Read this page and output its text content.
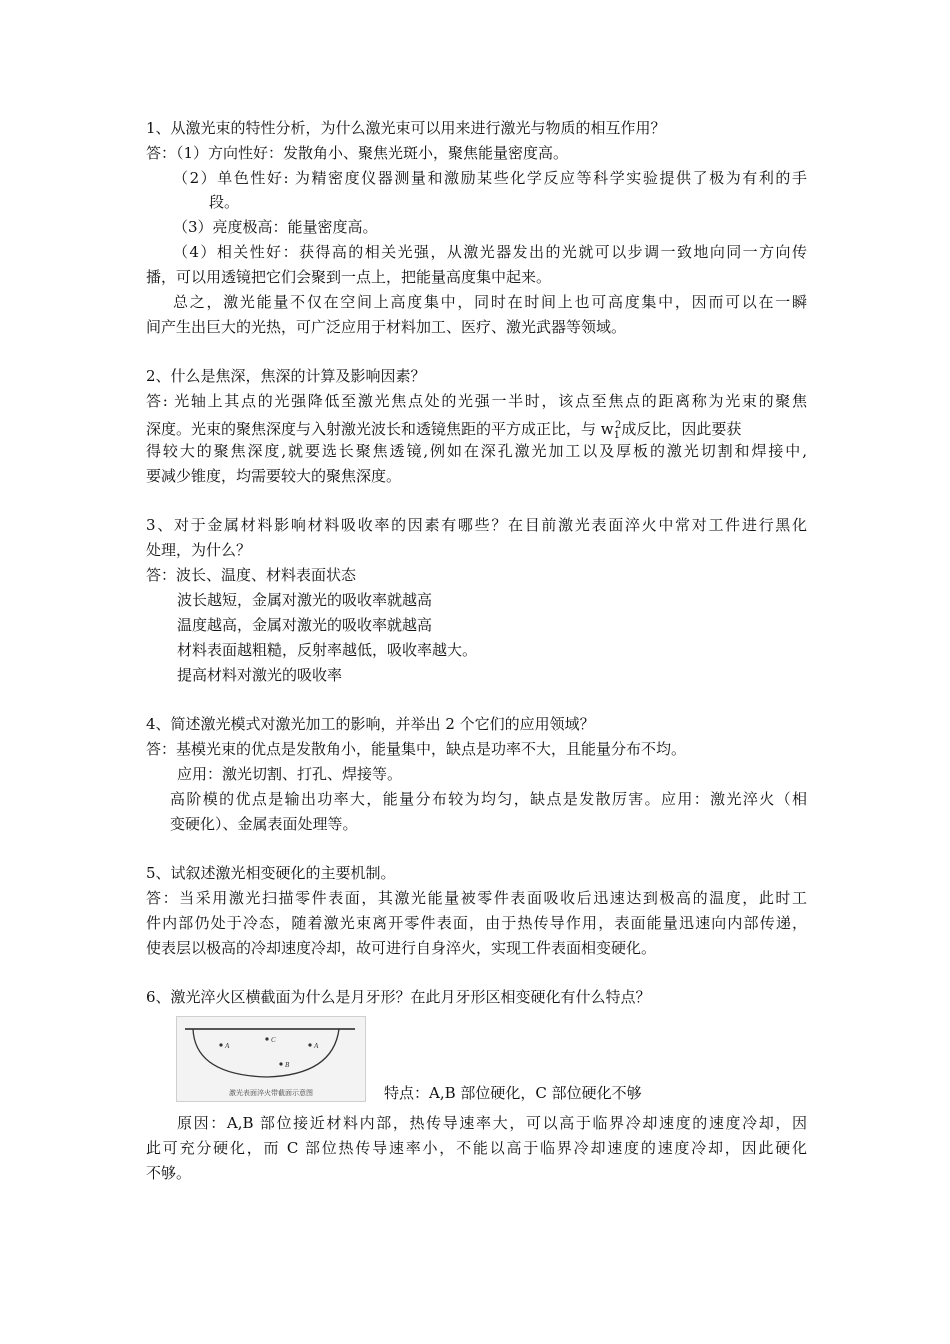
1、从激光束的特性分析，为什么激光束可以用来进行激光与物质的相互作用？
答：（1）方向性好：发散角小、聚焦光斑小，聚焦能量密度高。
（2）单色性好: 为精密度仪器测量和激励某些化学反应等科学实验提供了极为有利的手
段。
（3）亮度极高：能量密度高。
（4）相关性好：获得高的相关光强，从激光器发出的光就可以步调一致地向同一方向传
播，可以用透镜把它们会聚到一点上，把能量高度集中起来。
总之，激光能量不仅在空间上高度集中，同时在时间上也可高度集中，因而可以在一瞬
间产生出巨大的光热，可广泛应用于材料加工、医疗、激光武器等领域。
2、什么是焦深，焦深的计算及影响因素？
答: 光轴上其点的光强降低至激光焦点处的光强一半时，该点至焦点的距离称为光束的聚焦
深度。光束的聚焦深度与入射激光波长和透镜焦距的平方成正比，与 $w_1^2$成反比，因此要获
得较大的聚焦深度,就要选长聚焦透镜,例如在深孔激光加工以及厚板的激光切割和焊接中,
要减少锥度，均需要较大的聚焦深度。
3、对于金属材料影响材料吸收率的因素有哪些？在目前激光表面淬火中常对工件进行黑化
处理，为什么？
答：波长、温度、材料表面状态
波长越短，金属对激光的吸收率就越高
温度越高，金属对激光的吸收率就越高
材料表面越粗糙，反射率越低，吸收率越大。
提高材料对激光的吸收率
4、简述激光模式对激光加工的影响，并举出 2 个它们的应用领域？
答：基模光束的优点是发散角小，能量集中，缺点是功率不大，且能量分布不均。
应用：激光切割、打孔、焊接等。
高阶模的优点是输出功率大，能量分布较为均匀，缺点是发散厉害。应用：激光淬火（相
变硬化）、金属表面处理等。
5、试叙述激光相变硬化的主要机制。
答：当采用激光扫描零件表面，其激光能量被零件表面吸收后迅速达到极高的温度，此时工
件内部仍处于冷态，随着激光束离开零件表面，由于热传导作用，表面能量迅速向内部传递，
使表层以极高的冷却速度冷却，故可进行自身淬火，实现工件表面相变硬化。
6、激光淬火区横截面为什么是月牙形？在此月牙形区相变硬化有什么特点？
A
C
A
B
激光表面淬火带截面示意图	特点：A,B 部位硬化，C 部位硬化不够
原因：A,B 部位接近材料内部，热传导速率大，可以高于临界冷却速度的速度冷却，因
此可充分硬化，而 C 部位热传导速率小，不能以高于临界冷却速度的速度冷却，因此硬化
不够。
